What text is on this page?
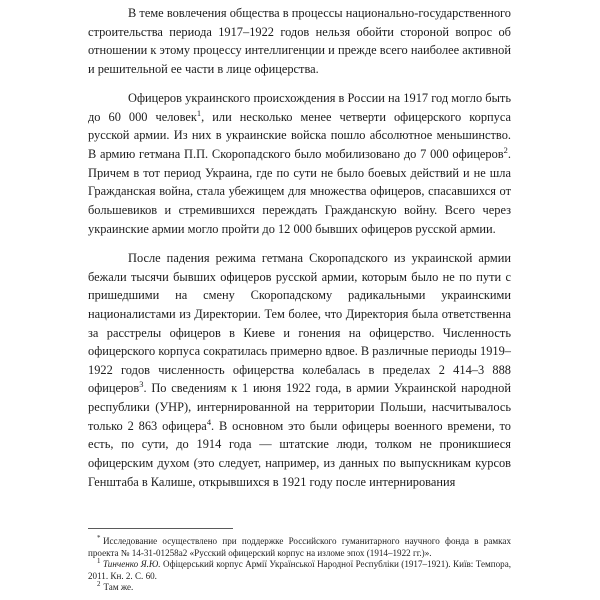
В теме вовлечения общества в процессы национально-государственного строительства периода 1917–1922 годов нельзя обойти стороной вопрос об отношении к этому процессу интеллигенции и прежде всего наиболее активной и решительной ее части в лице офицерства.

Офицеров украинского происхождения в России на 1917 год могло быть до 60 000 человек$^1$, или несколько менее четверти офицерского корпуса русской армии. Из них в украинские войска пошло абсолютное меньшинство. В армию гетмана П.П. Скоропадского было мобилизовано до 7 000 офицеров$^2$. Причем в тот период Украина, где по сути не было боевых действий и не шла Гражданская война, стала убежищем для множества офицеров, спасавшихся от большевиков и стремившихся переждать Гражданскую войну. Всего через украинские армии могло пройти до 12 000 бывших офицеров русской армии.

После падения режима гетмана Скоропадского из украинской армии бежали тысячи бывших офицеров русской армии, которым было не по пути с пришедшими на смену Скоропадскому радикальными украинскими националистами из Директории. Тем более, что Директория была ответственна за расстрелы офицеров в Киеве и гонения на офицерство. Численность офицерского корпуса сократилась примерно вдвое. В различные периоды 1919–1922 годов численность офицерства колебалась в пределах 2 414–3 888 офицеров$^3$. По сведениям к 1 июня 1922 года, в армии Украинской народной республики (УНР), интернированной на территории Польши, насчитывалось только 2 863 офицера$^4$. В основном это были офицеры военного времени, то есть, по сути, до 1914 года — штатские люди, толком не проникшиеся офицерским духом (это следует, например, из данных по выпускникам курсов Генштаба в Калише, открывшихся в 1921 году после интернирования

* Исследование осуществлено при поддержке Российского гуманитарного научного фонда в рамках проекта № 14-31-01258а2 «Русский офицерский корпус на изломе эпох (1914–1922 гг.)».

$^1$ Тинченко Я.Ю. Офіцерський корпус Армії Української Народної Республіки (1917–1921). Київ: Темпора, 2011. Кн. 2. С. 60.

$^2$ Там же.
